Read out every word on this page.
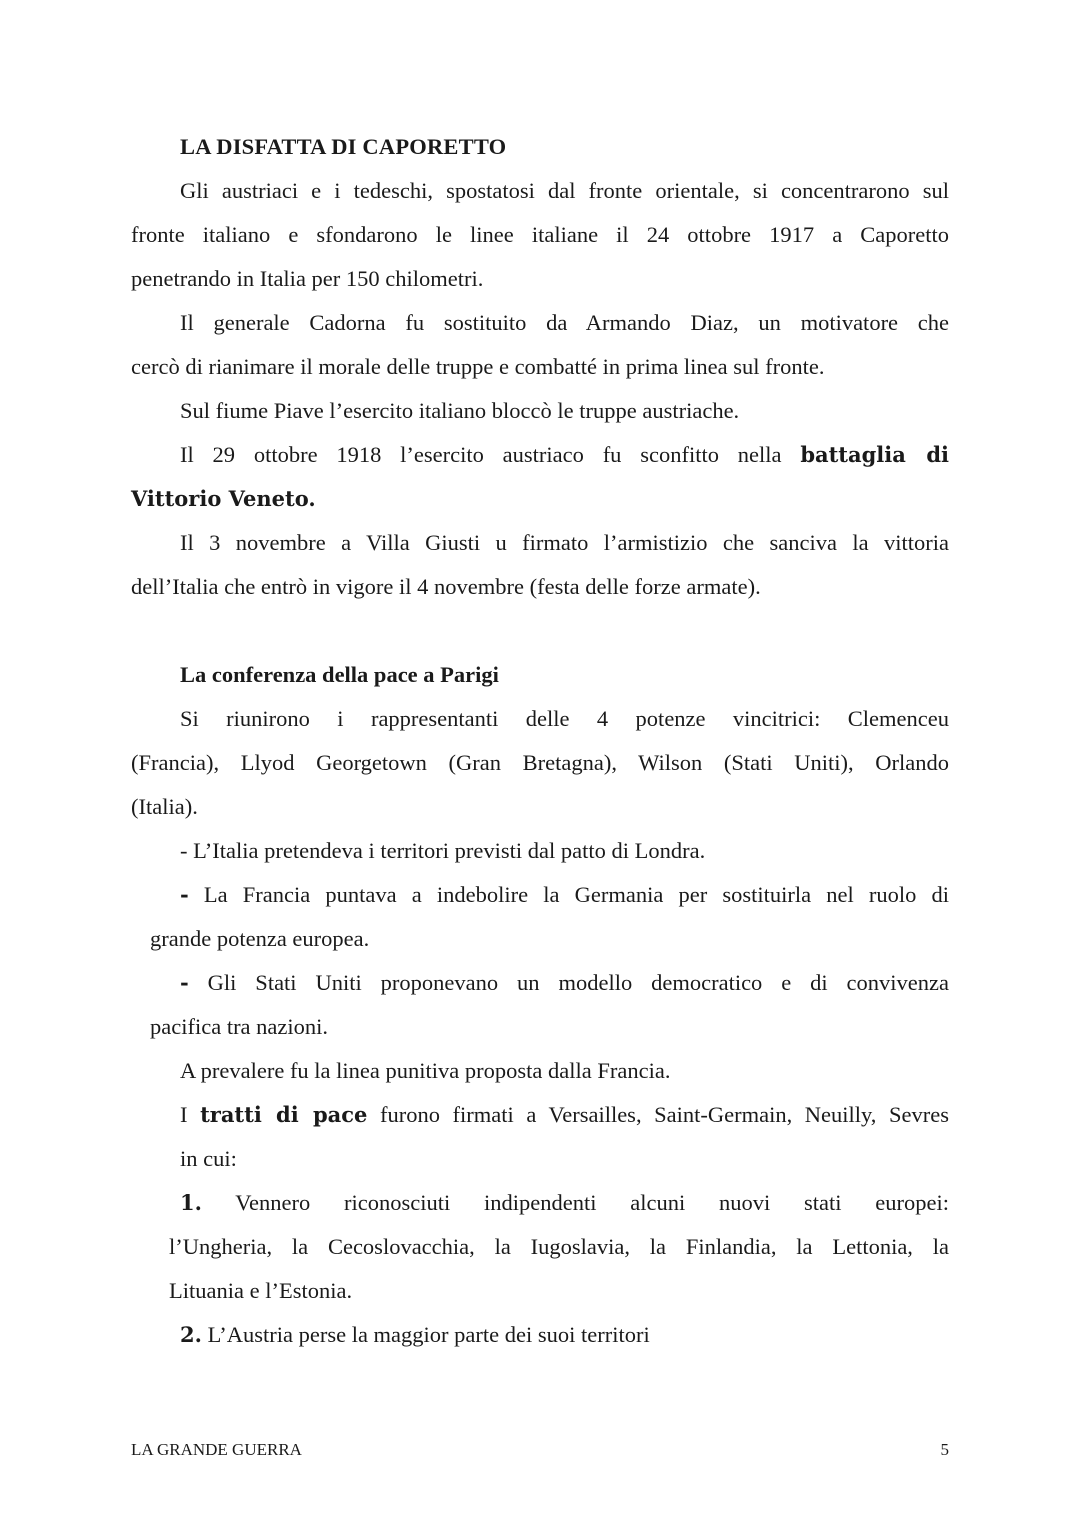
LA DISFATTA DI CAPORETTO

Gli austriaci e i tedeschi, spostatosi dal fronte orientale, si concentrarono sul

fronte italiano e sfondarono le linee italiane il 24 ottobre 1917 a Caporetto

penetrando in Italia per 150 chilometri.

Il generale Cadorna fu sostituito da Armando Diaz, un motivatore che

cercò di rianimare il morale delle truppe e combatté in prima linea sul fronte.

Sul fiume Piave l’esercito italiano bloccò le truppe austriache.

Il 29 ottobre 1918 l’esercito austriaco fu sconfitto nella battaglia di

Vittorio Veneto.

Il 3 novembre a Villa Giusti u firmato l’armistizio che sanciva la vittoria

dell’Italia che entrò in vigore il 4 novembre (festa delle forze armate).

La conferenza della pace a Parigi

Si riunirono i rappresentanti delle 4 potenze vincitrici: Clemenceu

(Francia), Llyod Georgetown (Gran Bretagna), Wilson (Stati Uniti), Orlando

(Italia).

- L’Italia pretendeva i territori previsti dal patto di Londra.

- La Francia puntava a indebolire la Germania per sostituirla nel ruolo di

grande potenza europea.

- Gli Stati Uniti proponevano un modello democratico e di convivenza

pacifica tra nazioni.

A prevalere fu la linea punitiva proposta dalla Francia.

I tratti di pace furono firmati a Versailles, Saint-Germain, Neuilly, Sevres

in cui:

1. Vennero riconosciuti indipendenti alcuni nuovi stati europei:

l’Ungheria, la Cecoslovacchia, la Iugoslavia, la Finlandia, la Lettonia, la

Lituania e l’Estonia.

2. L’Austria perse la maggior parte dei suoi territori

LA GRANDE GUERRA	5
